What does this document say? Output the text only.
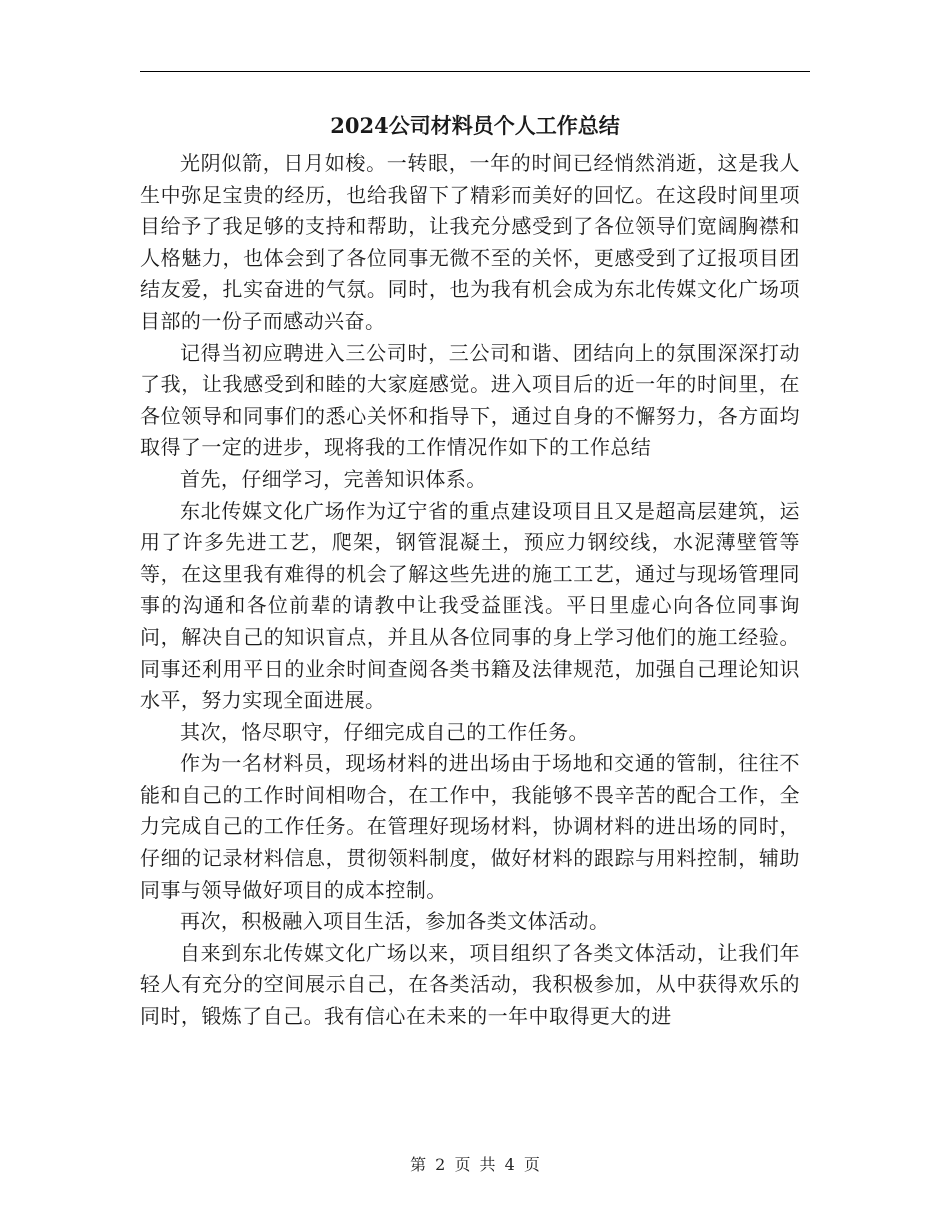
2024公司材料员个人工作总结

光阴似箭，日月如梭。一转眼，一年的时间已经悄然消逝，这是我人生中弥足宝贵的经历，也给我留下了精彩而美好的回忆。在这段时间里项目给予了我足够的支持和帮助，让我充分感受到了各位领导们宽阔胸襟和人格魅力，也体会到了各位同事无微不至的关怀，更感受到了辽报项目团结友爱，扎实奋进的气氛。同时，也为我有机会成为东北传媒文化广场项目部的一份子而感动兴奋。

记得当初应聘进入三公司时，三公司和谐、团结向上的氛围深深打动了我，让我感受到和睦的大家庭感觉。进入项目后的近一年的时间里，在各位领导和同事们的悉心关怀和指导下，通过自身的不懈努力，各方面均取得了一定的进步，现将我的工作情况作如下的工作总结

首先，仔细学习，完善知识体系。

东北传媒文化广场作为辽宁省的重点建设项目且又是超高层建筑，运用了许多先进工艺，爬架，钢管混凝土，预应力钢绞线，水泥薄壁管等等，在这里我有难得的机会了解这些先进的施工工艺，通过与现场管理同事的沟通和各位前辈的请教中让我受益匪浅。平日里虚心向各位同事询问，解决自己的知识盲点，并且从各位同事的身上学习他们的施工经验。同事还利用平日的业余时间查阅各类书籍及法律规范，加强自己理论知识水平，努力实现全面进展。

其次，恪尽职守，仔细完成自己的工作任务。

作为一名材料员，现场材料的进出场由于场地和交通的管制，往往不能和自己的工作时间相吻合，在工作中，我能够不畏辛苦的配合工作，全力完成自己的工作任务。在管理好现场材料，协调材料的进出场的同时，仔细的记录材料信息，贯彻领料制度，做好材料的跟踪与用料控制，辅助同事与领导做好项目的成本控制。

再次，积极融入项目生活，参加各类文体活动。

自来到东北传媒文化广场以来，项目组织了各类文体活动，让我们年轻人有充分的空间展示自己，在各类活动，我积极参加，从中获得欢乐的同时，锻炼了自己。我有信心在未来的一年中取得更大的进

第 2 页 共 4 页
